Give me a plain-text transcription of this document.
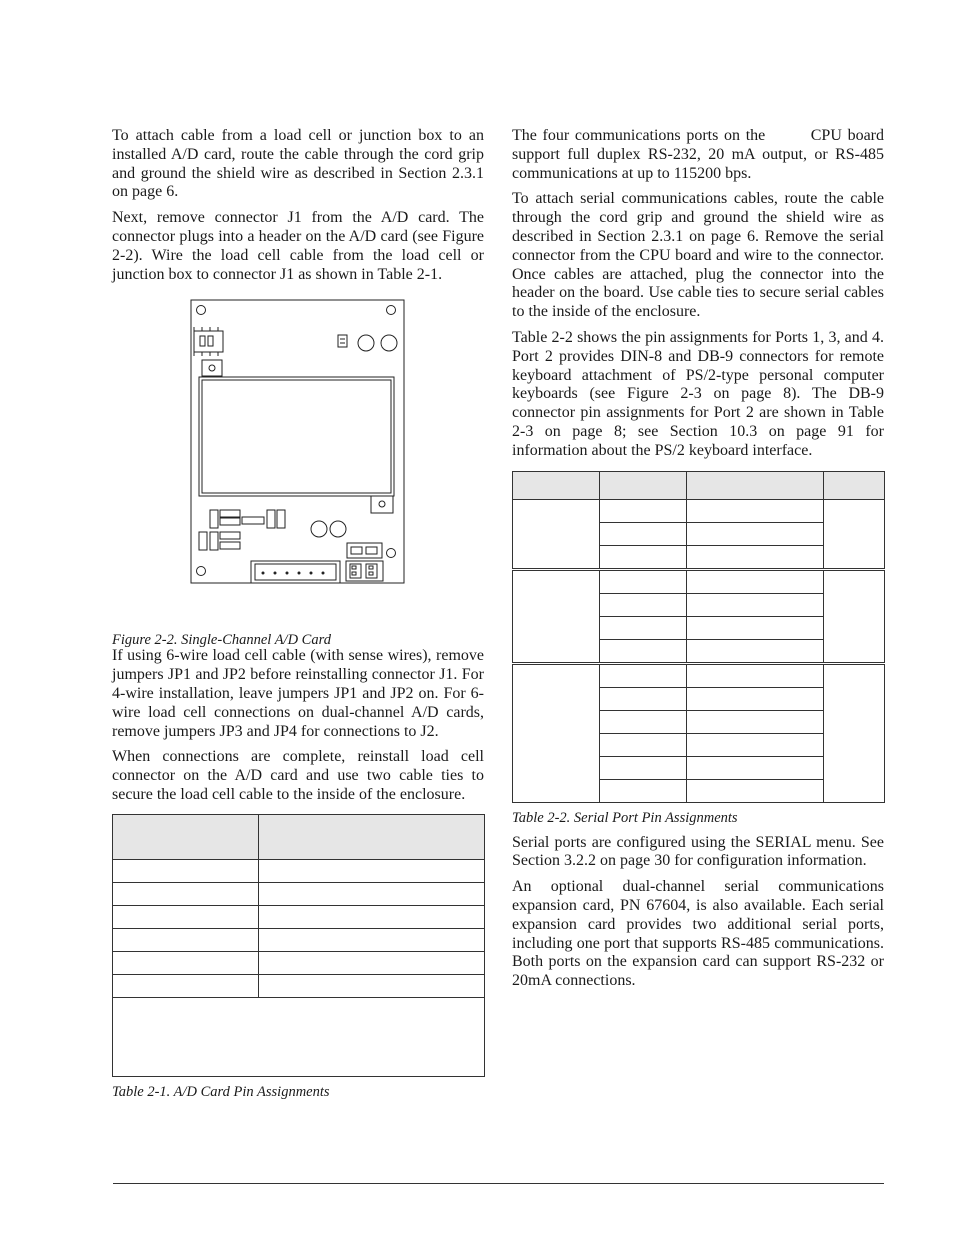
To attach cable from a load cell or junction box to an installed A/D card, route the cable through the cord grip and ground the shield wire as described in Section 2.3.1 on page 6.

Next, remove connector J1 from the A/D card. The connector plugs into a header on the A/D card (see Figure 2-2). Wire the load cell cable from the load cell or junction box to connector J1 as shown in Table 2-1.

Figure 2-2. Single-Channel A/D Card

If using 6-wire load cell cable (with sense wires), remove jumpers JP1 and JP2 before reinstalling connector J1. For 4-wire installation, leave jumpers JP1 and JP2 on. For 6-wire load cell connections on dual-channel A/D cards, remove jumpers JP3 and JP4 for connections to J2.

When connections are complete, reinstall load cell connector on the A/D card and use two cable ties to secure the load cell cable to the inside of the enclosure.

Table 2-1. A/D Card Pin Assignments

The four communications ports on the        CPU board support full duplex RS-232, 20 mA output, or RS-485 communications at up to 115200 bps.

To attach serial communications cables, route the cable through the cord grip and ground the shield wire as described in Section 2.3.1 on page 6. Remove the serial connector from the CPU board and wire to the connector. Once cables are attached, plug the connector into the header on the board. Use cable ties to secure serial cables to the inside of the enclosure.

Table 2-2 shows the pin assignments for Ports 1, 3, and 4. Port 2 provides DIN-8 and DB-9 connectors for remote keyboard attachment of PS/2-type personal computer keyboards (see Figure 2-3 on page 8). The DB-9 connector pin assignments for Port 2 are shown in Table 2-3 on page 8; see Section 10.3 on page 91 for information about the PS/2 keyboard interface.

Table 2-2. Serial Port Pin Assignments

Serial ports are configured using the SERIAL menu. See Section 3.2.2 on page 30 for configuration information.

An optional dual-channel serial communications expansion card, PN 67604, is also available. Each serial expansion card provides two additional serial ports, including one port that supports RS-485 communications. Both ports on the expansion card can support RS-232 or 20mA connections.
